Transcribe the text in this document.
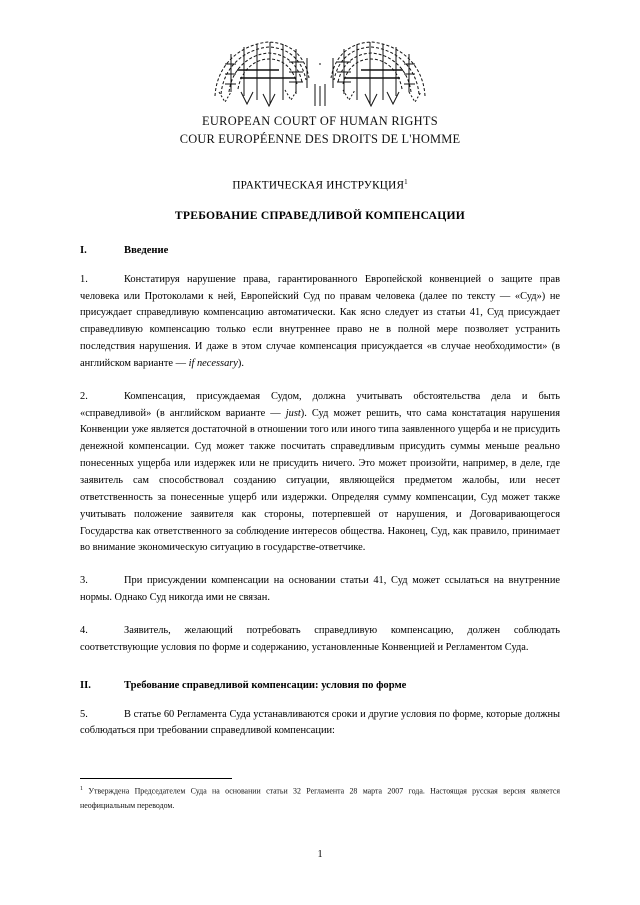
EUROPEAN COURT OF HUMAN RIGHTS
COUR EUROPÉENNE DES DROITS DE L'HOMME
ПРАКТИЧЕСКАЯ ИНСТРУКЦИЯ$^1$
ТРЕБОВАНИЕ СПРАВЕДЛИВОЙ КОМПЕНСАЦИИ
I.	Введение

1.	Констатируя нарушение права, гарантированного Европейской конвенцией о защите прав человека или Протоколами к ней, Европейский Суд по правам человека (далее по тексту — «Суд») не присуждает справедливую компенсацию автоматически. Как ясно следует из статьи 41, Суд присуждает справедливую компенсацию только если внутреннее право не в полной мере позволяет устранить последствия нарушения. И даже в этом случае компенсация присуждается «в случае необходимости» (в английском варианте — if necessary).

2.	Компенсация, присуждаемая Судом, должна учитывать обстоятельства дела и быть «справедливой» (в английском варианте — just). Суд может решить, что сама констатация нарушения Конвенции уже является достаточной в отношении того или иного типа заявленного ущерба и не присудить денежной компенсации. Суд может также посчитать справедливым присудить суммы меньше реально понесенных ущерба или издержек или не присудить ничего. Это может произойти, например, в деле, где заявитель сам способствовал созданию ситуации, являющейся предметом жалобы, или несет ответственность за понесенные ущерб или издержки. Определяя сумму компенсации, Суд может также учитывать положение заявителя как стороны, потерпевшей от нарушения, и Договаривающегося Государства как ответственного за соблюдение интересов общества. Наконец, Суд, как правило, принимает во внимание экономическую ситуацию в государстве-ответчике.

3.	При присуждении компенсации на основании статьи 41, Суд может ссылаться на внутренние нормы. Однако Суд никогда ими не связан.

4.	Заявитель, желающий потребовать справедливую компенсацию, должен соблюдать соответствующие условия по форме и содержанию, установленные Конвенцией и Регламентом Суда.

II.	Требование справедливой компенсации: условия по форме

5.	В статье 60 Регламента Суда устанавливаются сроки и другие условия по форме, которые должны соблюдаться при требовании справедливой компенсации:

$^1$ Утверждена Председателем Суда на основании статьи 32 Регламента 28 марта 2007 года. Настоящая русская версия является неофициальным переводом.
1
